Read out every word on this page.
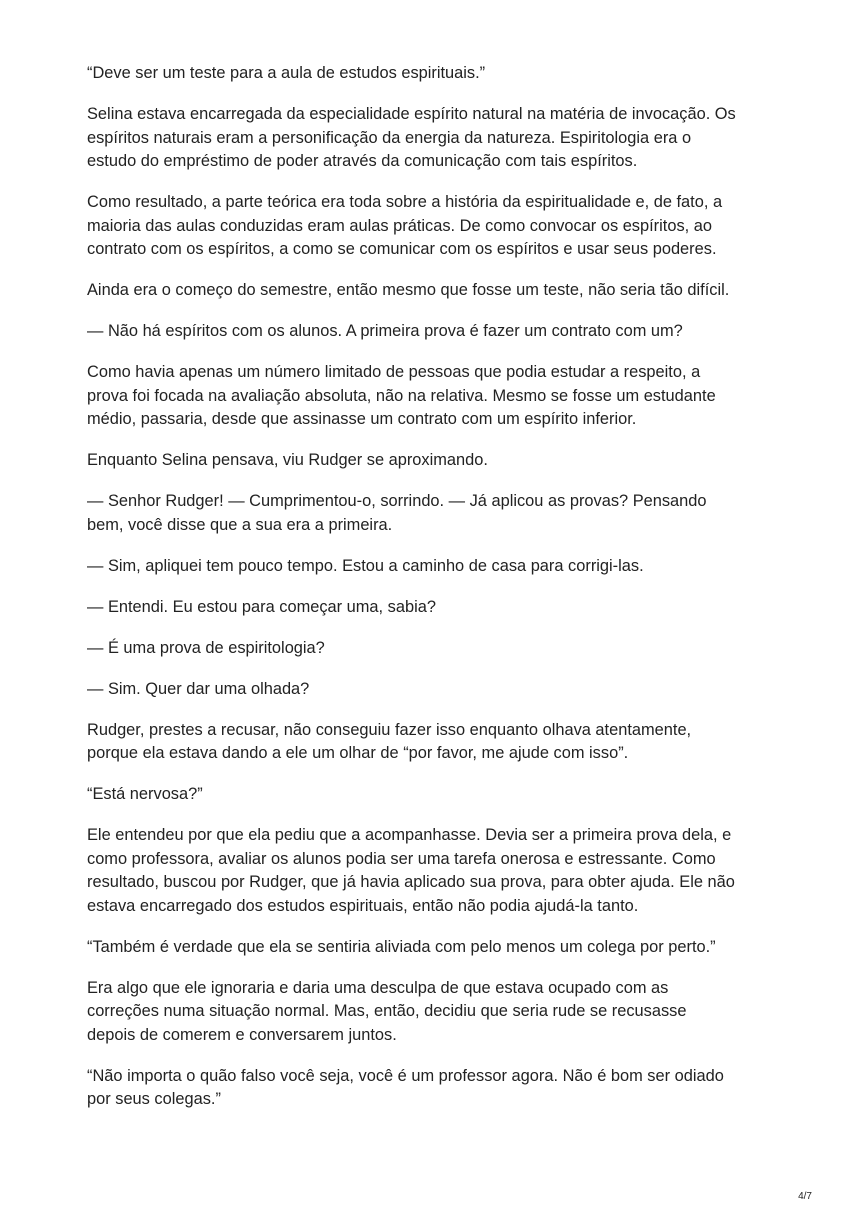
“Deve ser um teste para a aula de estudos espirituais.”

Selina estava encarregada da especialidade espírito natural na matéria de invocação. Os
espíritos naturais eram a personificação da energia da natureza. Espiritologia era o
estudo do empréstimo de poder através da comunicação com tais espíritos.

Como resultado, a parte teórica era toda sobre a história da espiritualidade e, de fato, a
maioria das aulas conduzidas eram aulas práticas. De como convocar os espíritos, ao
contrato com os espíritos, a como se comunicar com os espíritos e usar seus poderes.

Ainda era o começo do semestre, então mesmo que fosse um teste, não seria tão difícil.

— Não há espíritos com os alunos. A primeira prova é fazer um contrato com um?

Como havia apenas um número limitado de pessoas que podia estudar a respeito, a
prova foi focada na avaliação absoluta, não na relativa. Mesmo se fosse um estudante
médio, passaria, desde que assinasse um contrato com um espírito inferior.

Enquanto Selina pensava, viu Rudger se aproximando.

— Senhor Rudger! — Cumprimentou-o, sorrindo. — Já aplicou as provas? Pensando
bem, você disse que a sua era a primeira.

— Sim, apliquei tem pouco tempo. Estou a caminho de casa para corrigi-las.

— Entendi. Eu estou para começar uma, sabia?

— É uma prova de espiritologia?

— Sim. Quer dar uma olhada?

Rudger, prestes a recusar, não conseguiu fazer isso enquanto olhava atentamente,
porque ela estava dando a ele um olhar de “por favor, me ajude com isso”.

“Está nervosa?”

Ele entendeu por que ela pediu que a acompanhasse. Devia ser a primeira prova dela, e
como professora, avaliar os alunos podia ser uma tarefa onerosa e estressante. Como
resultado, buscou por Rudger, que já havia aplicado sua prova, para obter ajuda. Ele não
estava encarregado dos estudos espirituais, então não podia ajudá-la tanto.

“Também é verdade que ela se sentiria aliviada com pelo menos um colega por perto.”

Era algo que ele ignoraria e daria uma desculpa de que estava ocupado com as
correções numa situação normal. Mas, então, decidiu que seria rude se recusasse
depois de comerem e conversarem juntos.

“Não importa o quão falso você seja, você é um professor agora. Não é bom ser odiado
por seus colegas.”

4/7
